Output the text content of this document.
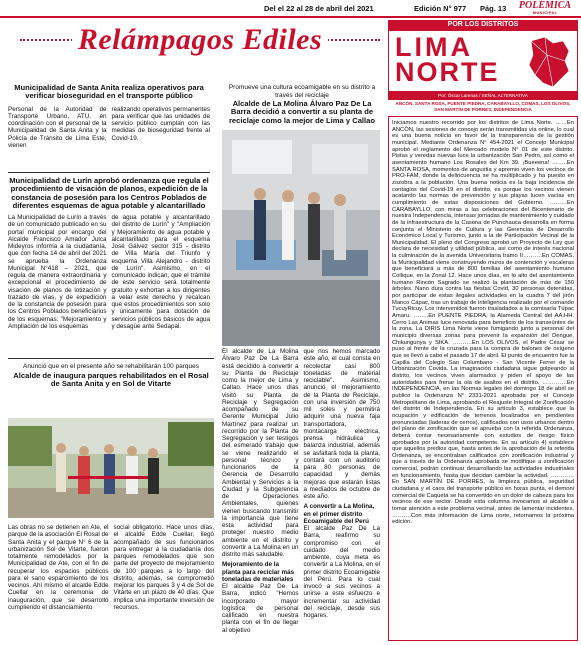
Del el 22 al 28 de abril del 2021	Edición N° 977	Pág. 13	POLÉMICA
MUNICIPAL
Relámpagos Ediles	POR LOS DISTRITOS
LIMA
NORTE
Por: Óscar Larenas / SEÑAL ALTERNATIVA
ANCÓN, SANTA ROSA, PUENTE PIEDRA, CARABAYLLO, COMAS, LOS OLIVOS, SAN MARTÍN DE PORRES, INDEPENDENCIA

Iniciamos nuestro recorrido por los distritos de Lima Norte. ……En ANCÓN, las sesiones de concejo serán transmitidas vía online, lo cual es una buena noticia en favor de la transparencia de la gestión municipal. Mediante Ordenanza N° 454-2021 el Concejo Municipal aprobó el reglamento del Mercado modelo N° 01 de este distrito. Pistas y veredas nuevas luce la urbanización San Pedro, así como el asentamiento humano Los Rosales del Km 39. ¡Bueeena! ……..En SANTA ROSA, momentos de angustia y apremio viven los vecinos de PRO-FAM, donde la delincuencia se ha multiplicado y ha puesto en zozobra a la población. Una buena noticia es la baja incidencia de contagios del Covid-19 en el distrito, es porque los vecinos vienen acatando las normas de prevención y sus playas lucen vacías en cumplimiento de estas disposiciones del Gobierno. ………En CARABAYLLO, con miras a las celebraciones del Bicentenario de nuestra Independencia, intensas jornadas de mantenimiento y cuidado de la infraestructura de la Casona de Punchauca desarrolla en forma conjunta el Ministerio de Cultura y las Gerencias de Desarrollo Económico Local y Turismo, junto a la de Participación Vecinal de la Municipalidad. El pleno del Congreso aprobó un Proyecto de Ley que declara de necesidad y utilidad pública, así como de interés nacional la culminación de la avenida Universitaria tramo II……….En COMAS, la Municipalidad viene construyendo muros de contención y escaleras que beneficiará a más de 800 familias del asentamiento humano Collique, en la Zonal 12. Hace unos días, en lo alto del asentamiento humano Rincón Sagrado se realizó la plantación de más de 150 árboles. Nano dura contra las fiestas Covid, 30 personas detenidas, por participar de estas ilegales actividades en la cuadra 7 del jirón Manco Cápac, tras un trabajo de inteligencia realizado por el comando TucuyRicuy. Los intervenidos fueron trasladados a la comisaría Túpac Amaru. ……..En PUENTE PIEDRA, la Alameda Central del AA.HH. Cerro Las Animas luce renovada para beneficio de los transeúntes de la zona. La DIRIS Lima Norte viene fumigando junto a personal del municipio diversas zonas para prevenir la expansión del Dengue, Chikungunya y SIKA. ……….En LOS OLIVOS, el Padre César se puso al frente de la cruzada para la compra de balones de oxígeno que se llevó a cabo el pasado 17 de abril. El punto de encuentro fue la Capilla del Colegio San Columbano - San Vicente Ferrer de la Urbanización Covida. La imaginación ciudadana sigue golpeando al distrito, los vecinos viven alarmados y piden el apoyo de las autoridades para frenar la ola de asaltos en el distrito. ………….En INDEPENDENCIA, en las Normas legales del domingo 18 de abril se publicó la Ordenanza N° 2331-2021 aprobada por el Concejo Metropolitano de Lima, aprobando el Reajuste Integral de Zonificación del distrito de Independencia. En su artículo 3, establece que la ocupación y edificación de terrenos localizados en pendientes pronunciadas (laderas de cerros), calificados con usos urbanos dentro del plano de zonificación que se aprueba con la referida Ordenanza, deberá contar necesariamente con estudios de riesgo físico aprobados por la autoridad competente. En su artículo 4) establece que aquellos predios que, hasta antes de la aprobación de la referida Ordenanza, se encontraban calificados con zonificación industrial y que a través de la Ordenanza aprobada se modifique a zonificación comercial, podrán continuar desarrollando las actividades industriales en funcionamiento, hasta que decidan cambiar la actividad. …………En SAN MARTÍN DE PORRES, la limpieza pública, seguridad ciudadana y el caos del transporte público en horas punta, el demoni comercial de Caquetá se ha convertido en un dolor de cabeza para los vecinos de ese sector. Desde esta columna invocamos al alcalde a tomar atención a este problema vecinal, antes de lamentar incidentes. ……….Con más información de Lima norte, retornamos la próxima edición.

Municipalidad de Santa Anita realiza operativos para verificar bioseguridad en el transporte público
Personal de la Autoridad de Transporte Urbano, ATU, en coordinación con el personal de la Municipalidad de Santa Anita y la Policía de Tránsito de Lima Este, vienen
realizando operativos permanentes para verificar que las unidades de servicio público cumplan con las medidas de bioseguridad frente al Covid-19.
Municipalidad de Lurín aprobó ordenanza que regula el procedimiento de visación de planos, expedición de la constancia de posesión para los Centros Poblados de diferentes esquemas de agua potable y alcantarillado
La Municipalidad de Lurín a través de un comunicado publicado en su portal municipal por encargo del Alcalde Francisco Amador Julca Mideyros informa a la ciudadanía, que con fecha 14 de abril del 2021 se aprueba la Ordenanza Municipal N°418 – 2021, que regula de manera extraordinaria y excepcional el procedimiento de visación de planos de lotización y trazado de vías, y de expedición de la constancia de posesión para los Centros Poblados beneficiarios de los esquemas: "Mejoramiento y Ampliación de los esquemas
de agua potable y alcantarillado del distrito de Lurín" y "Ampliación y Mejoramiento de agua potable y alcantarillado para el esquema José Gálvez sector 315 - distrito de Villa María del Triunfo y esquema Villa Alejandro - distrito de Lurín". Asimismo, en el comunicado indican, que el trámite de este servicio será totalmente gratuito y exhortan a los dirigentes a velar este derecho y recalcan que estos procedimientos son solo y únicamente para dotación de servicios públicos básicos de agua y desagüe ante Sedapal.
Anunció que en el presente año se rehabilitarán 100 parques
Alcalde de inaugura parques rehabilitados en el Rosal de Santa Anita y en Sol de Vitarte
Las obras no se detienen en Ate, el parque de la asociación El Rosal de Santa Anita y el parque N° 6 de la urbanización Sol de Vitarte, fueron totalmente remodelados por la Municipalidad de Ate, con el fin de recuperar los espacios públicos para el sano esparcimiento de los vecinos. Ahí mismo el alcalde Edde Cuellar en la ceremonia de inauguración, que se desarrolló cumpliendo el distanciamiento
social obligatorio. Hace unos días, el alcalde Edde Cuellar, llegó acompañado de sus funcionarios para entregar a la ciudadanía dos parques remodelados que son parte del proyecto de mejoramiento de 100 parques a lo largo del distrito, además, se comprometió mejorar los parques 3 y 4 de Sol de Vitarte en un plazo de 40 días. Que implica una importante inversión de recursos.
Promueve una cultura ecoamigable en su distrito a través del reciclaje
Alcalde de La Molina Álvaro Paz De La Barra decidió a convertir a su planta de reciclaje como la mejor de Lima y Callao
El alcalde de La Molina Álvaro Paz De La Barra está decidido a convertir a su Planta de Reciclaje como la mejor de Lima y Callao. Hace unos días visitó su Planta de Reciclaje y Segregación acompañado de su Gerente Municipal Julio Martínez para realizar un recorrido por la Planta de Segregación y ser testigos del esmerado trabajo que se viene realizando el personal técnico y funcionarios de la Gerencia de Desarrollo Ambiental y Servicios a la Ciudad y la Subgerencia de Operaciones Ambientales, quienes vienen buscando transmitir la importancia que tiene esta actividad para proteger nuestro medio ambiente en el distrito y convertir a La Molina en un distrito más saludable.
Mejoramiento de la planta para reciclar más toneladas de materiales
El alcalde Paz De La Barra, indicó "Hemos incorporado mayor logística de personal calificado en nuestra planta con el fin de llegar al objetivo
que nos hemos marcado este año, el cual consta en recolectar casi 800 toneladas de material reciclable". Asimismo, anunció el mejoramiento de la Planta de Reciclaje, con una inversión de 750 mil soles y permitirá adquirir una nueva faja transportadora, montacarga eléctrica, prensa hidráulica y balanza industrial, además se asfaltará toda la planta, contará con un auditorio para 80 personas de capacidad y demás mejoras que estarán listas a mediados de octubre de este año.
A convertir a La Molina, en el primer distrito Ecoamigable del Perú
El alcalde Paz De La Barra, reafirmo su compromiso con el cuidado del medio ambiente, cuya meta es convertir a La Molina, en el primer distrito Ecoamigable del Perú. Para lo cual invocó a sus vecinos a unirse a este esfuerzo e incrementar su actividad del reciclaje, desde sus hogares.
